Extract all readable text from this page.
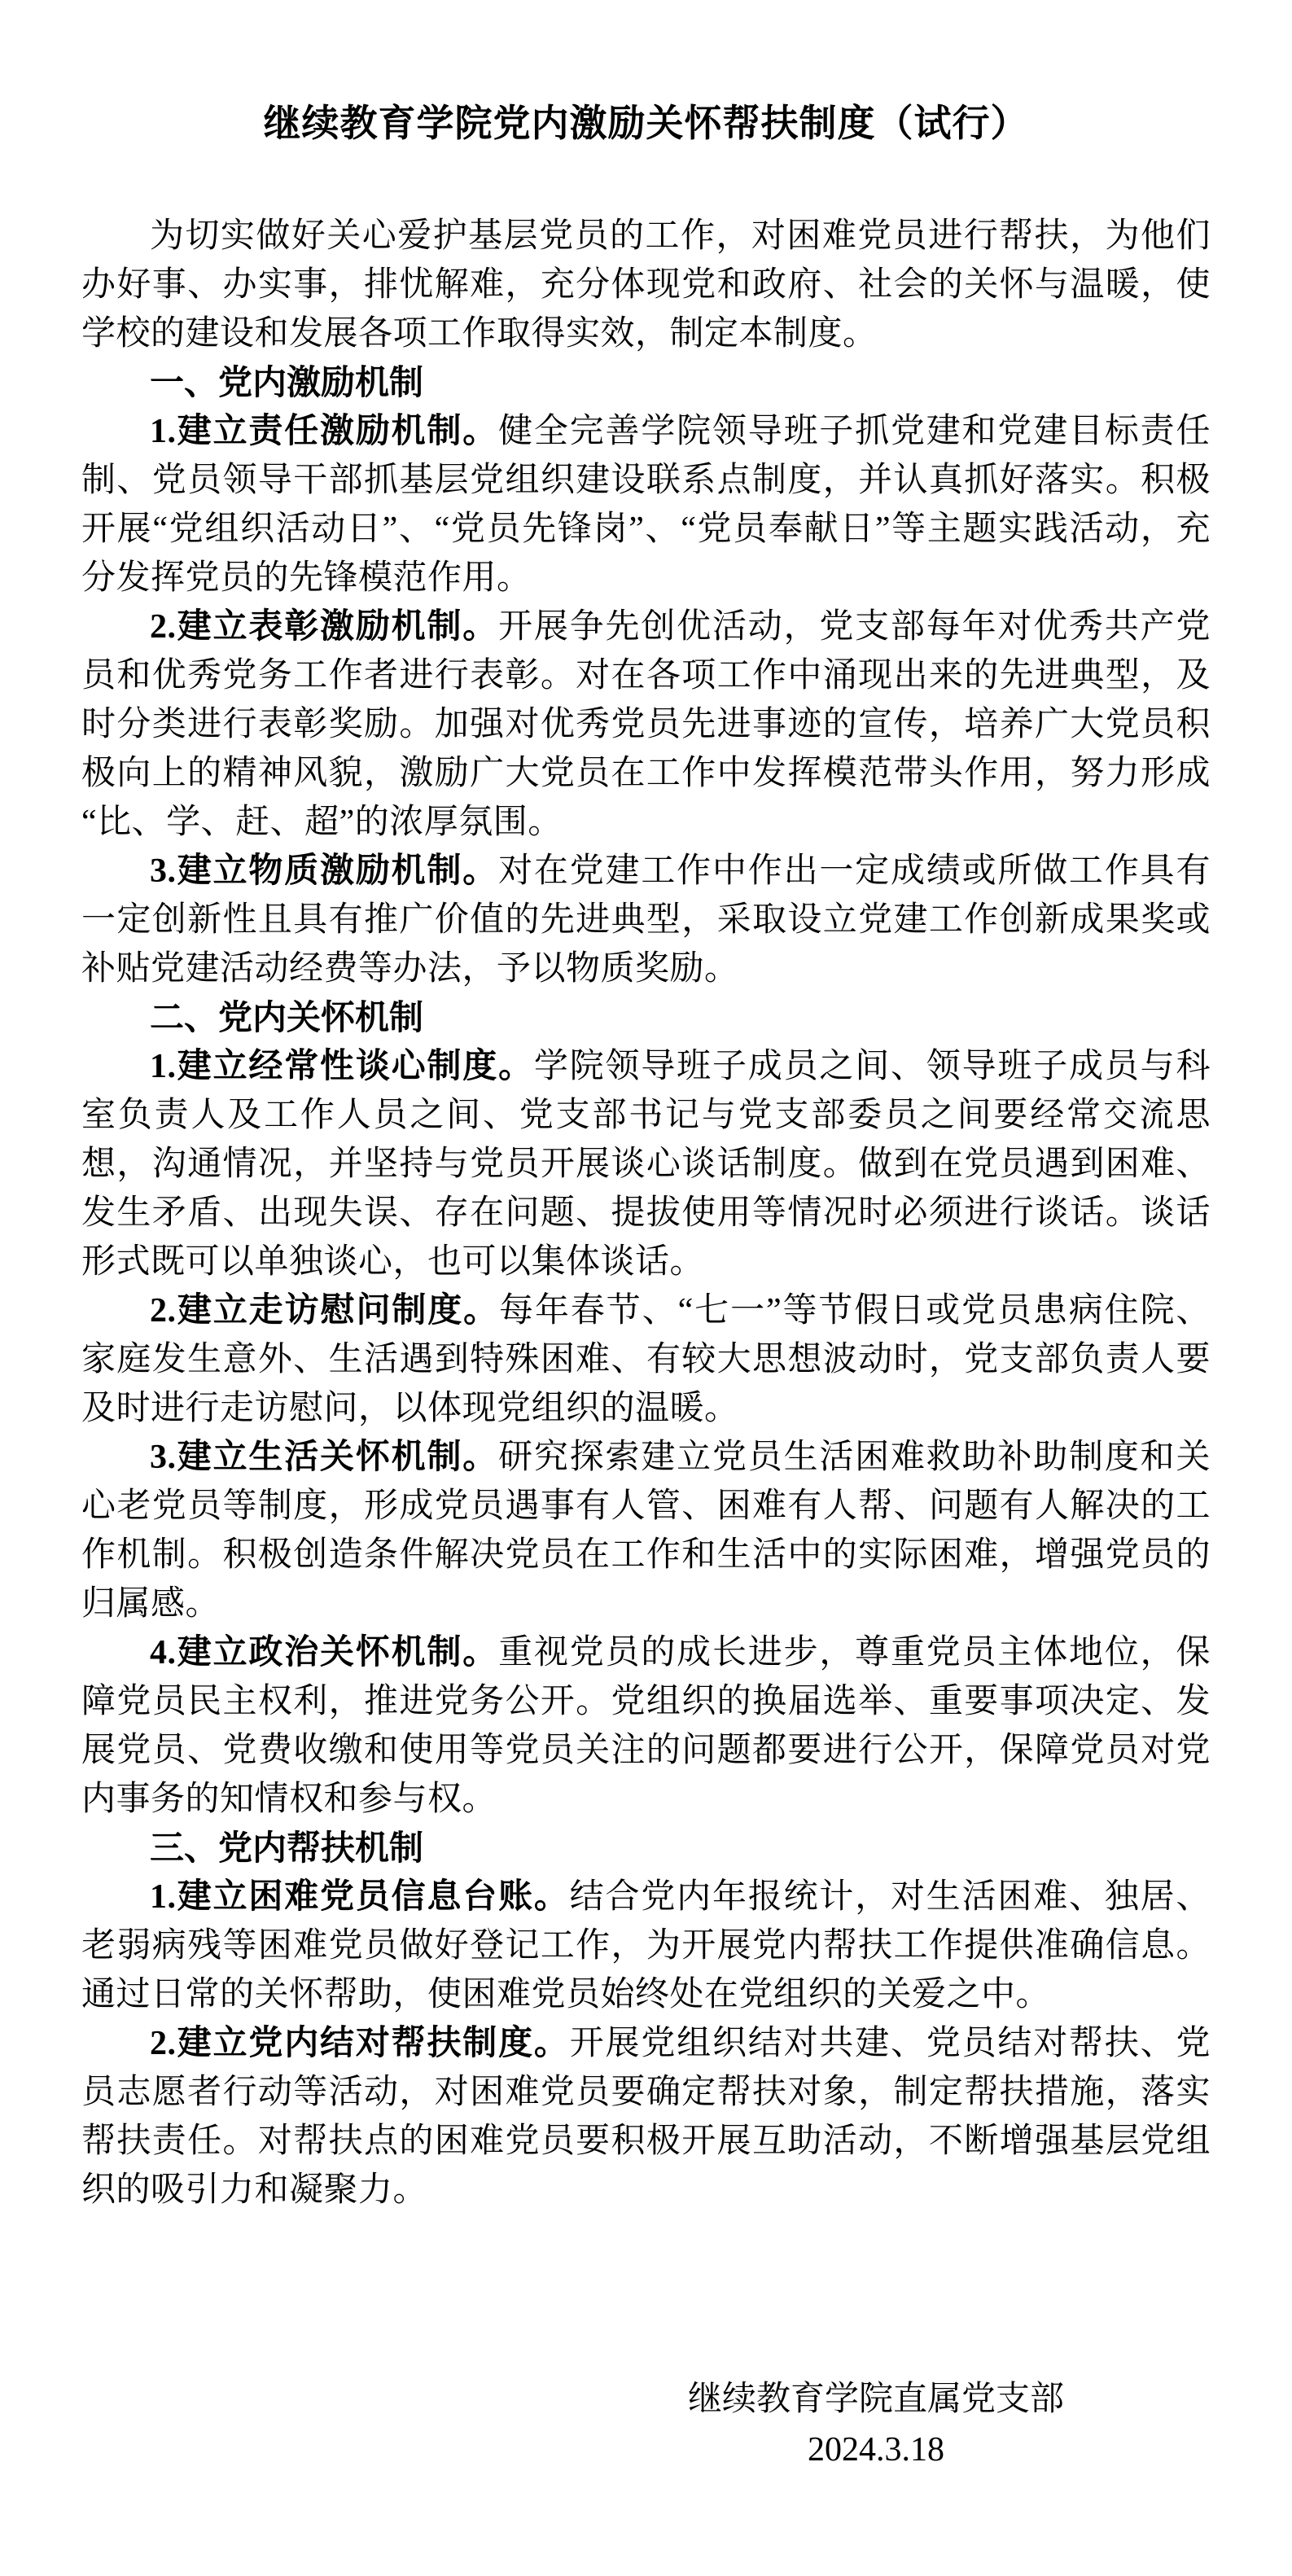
继续教育学院党内激励关怀帮扶制度（试行）

为切实做好关心爱护基层党员的工作，对困难党员进行帮扶，为他们办好事、办实事，排忧解难，充分体现党和政府、社会的关怀与温暖，使学校的建设和发展各项工作取得实效，制定本制度。

一、党内激励机制

1.建立责任激励机制。健全完善学院领导班子抓党建和党建目标责任制、党员领导干部抓基层党组织建设联系点制度，并认真抓好落实。积极开展“党组织活动日”、“党员先锋岗”、“党员奉献日”等主题实践活动，充分发挥党员的先锋模范作用。

2.建立表彰激励机制。开展争先创优活动，党支部每年对优秀共产党员和优秀党务工作者进行表彰。对在各项工作中涌现出来的先进典型，及时分类进行表彰奖励。加强对优秀党员先进事迹的宣传，培养广大党员积极向上的精神风貌，激励广大党员在工作中发挥模范带头作用，努力形成“比、学、赶、超”的浓厚氛围。

3.建立物质激励机制。对在党建工作中作出一定成绩或所做工作具有一定创新性且具有推广价值的先进典型，采取设立党建工作创新成果奖或补贴党建活动经费等办法，予以物质奖励。

二、党内关怀机制

1.建立经常性谈心制度。学院领导班子成员之间、领导班子成员与科室负责人及工作人员之间、党支部书记与党支部委员之间要经常交流思想，沟通情况，并坚持与党员开展谈心谈话制度。做到在党员遇到困难、发生矛盾、出现失误、存在问题、提拔使用等情况时必须进行谈话。谈话形式既可以单独谈心，也可以集体谈话。

2.建立走访慰问制度。每年春节、“七一”等节假日或党员患病住院、家庭发生意外、生活遇到特殊困难、有较大思想波动时，党支部负责人要及时进行走访慰问，以体现党组织的温暖。

3.建立生活关怀机制。研究探索建立党员生活困难救助补助制度和关心老党员等制度，形成党员遇事有人管、困难有人帮、问题有人解决的工作机制。积极创造条件解决党员在工作和生活中的实际困难，增强党员的归属感。

4.建立政治关怀机制。重视党员的成长进步，尊重党员主体地位，保障党员民主权利，推进党务公开。党组织的换届选举、重要事项决定、发展党员、党费收缴和使用等党员关注的问题都要进行公开，保障党员对党内事务的知情权和参与权。

三、党内帮扶机制

1.建立困难党员信息台账。结合党内年报统计，对生活困难、独居、老弱病残等困难党员做好登记工作，为开展党内帮扶工作提供准确信息。通过日常的关怀帮助，使困难党员始终处在党组织的关爱之中。

2.建立党内结对帮扶制度。开展党组织结对共建、党员结对帮扶、党员志愿者行动等活动，对困难党员要确定帮扶对象，制定帮扶措施，落实帮扶责任。对帮扶点的困难党员要积极开展互助活动，不断增强基层党组织的吸引力和凝聚力。

继续教育学院直属党支部

2024.3.18
